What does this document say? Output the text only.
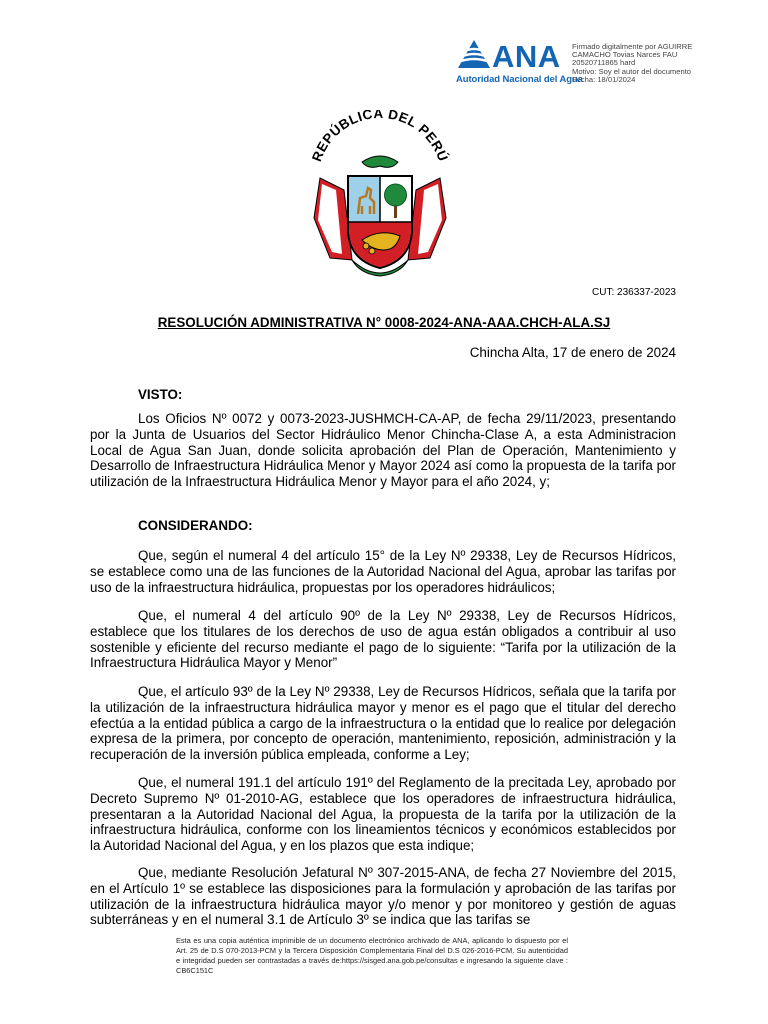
ANA
Autoridad Nacional del Agua
Firmado digitalmente por AGUIRRE
CAMACHO Tovias Narces FAU
20520711865 hard
Motivo: Soy el autor del documento
Fecha: 18/01/2024
REPÚBLICA DEL PERÚ
CUT: 236337-2023
RESOLUCIÓN ADMINISTRATIVA N° 0008-2024-ANA-AAA.CHCH-ALA.SJ
Chincha Alta, 17 de enero de 2024
VISTO:

Los Oficios Nº 0072 y 0073-2023-JUSHMCH-CA-AP, de fecha 29/11/2023, presentando por la Junta de Usuarios del Sector Hidráulico Menor Chincha-Clase A, a esta Administracion Local de Agua San Juan, donde solicita aprobación del Plan de Operación, Mantenimiento y Desarrollo de Infraestructura Hidráulica Menor y Mayor 2024 así como la propuesta de la tarifa por utilización de la Infraestructura Hidráulica Menor y Mayor para el año 2024, y;

CONSIDERANDO:

Que, según el numeral 4 del artículo 15° de la Ley Nº 29338, Ley de Recursos Hídricos, se establece como una de las funciones de la Autoridad Nacional del Agua, aprobar las tarifas por uso de la infraestructura hidráulica, propuestas por los operadores hidráulicos;

Que, el numeral 4 del artículo 90º de la Ley Nº 29338, Ley de Recursos Hídricos, establece que los titulares de los derechos de uso de agua están obligados a contribuir al uso sostenible y eficiente del recurso mediante el pago de lo siguiente: “Tarifa por la utilización de la Infraestructura Hidráulica Mayor y Menor”

Que, el artículo 93º de la Ley Nº 29338, Ley de Recursos Hídricos, señala que la tarifa por la utilización de la infraestructura hidráulica mayor y menor es el pago que el titular del derecho efectúa a la entidad pública a cargo de la infraestructura o la entidad que lo realice por delegación expresa de la primera, por concepto de operación, mantenimiento, reposición, administración y la recuperación de la inversión pública empleada, conforme a Ley;

Que, el numeral 191.1 del artículo 191º del Reglamento de la precitada Ley, aprobado por Decreto Supremo Nº 01-2010-AG, establece que los operadores de infraestructura hidráulica, presentaran a la Autoridad Nacional del Agua, la propuesta de la tarifa por la utilización de la infraestructura hidráulica, conforme con los lineamientos técnicos y económicos establecidos por la Autoridad Nacional del Agua, y en los plazos que esta indique;

Que, mediante Resolución Jefatural Nº 307-2015-ANA, de fecha 27 Noviembre del 2015, en el Artículo 1º se establece las disposiciones para la formulación y aprobación de las tarifas por utilización de la infraestructura hidráulica mayor y/o menor y por monitoreo y gestión de aguas subterráneas y en el numeral 3.1 de Artículo 3º se indica que las tarifas se

Esta es una copia auténtica imprimible de un documento electrónico archivado de ANA, aplicando lo dispuesto por el Art. 25 de D.S 070-2013-PCM y la Tercera Disposición Complementaria Final del D.S 026-2016-PCM. Su autenticidad e integridad pueden ser contrastadas a través de:https://sisged.ana.gob.pe/consultas e ingresando la siguiente clave : CB6C151C
